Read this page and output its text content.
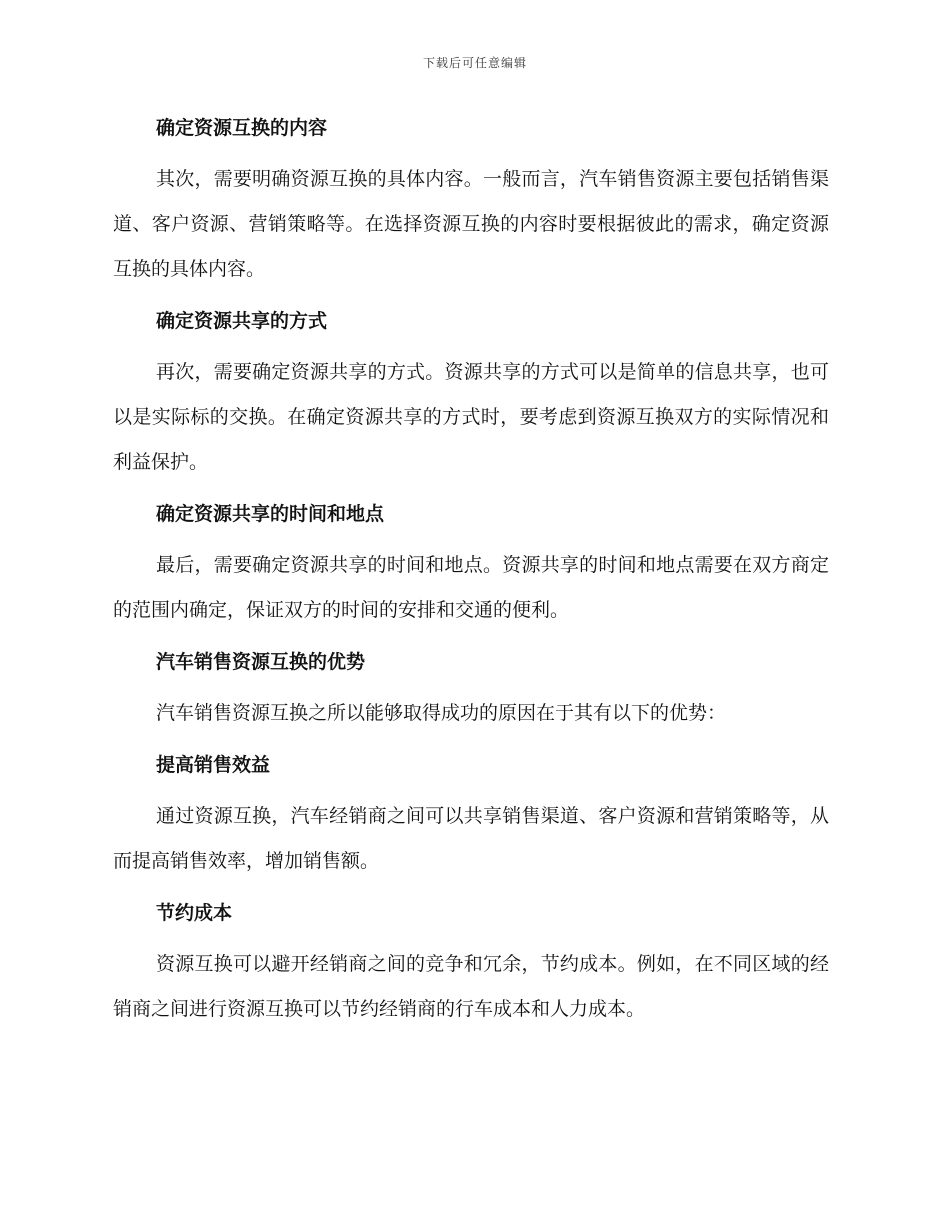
下载后可任意编辑
确定资源互换的内容

其次，需要明确资源互换的具体内容。一般而言，汽车销售资源主要包括销售渠道、客户资源、营销策略等。在选择资源互换的内容时要根据彼此的需求，确定资源互换的具体内容。

确定资源共享的方式

再次，需要确定资源共享的方式。资源共享的方式可以是简单的信息共享，也可以是实际标的交换。在确定资源共享的方式时，要考虑到资源互换双方的实际情况和利益保护。

确定资源共享的时间和地点

最后，需要确定资源共享的时间和地点。资源共享的时间和地点需要在双方商定的范围内确定，保证双方的时间的安排和交通的便利。

汽车销售资源互换的优势

汽车销售资源互换之所以能够取得成功的原因在于其有以下的优势：

提高销售效益

通过资源互换，汽车经销商之间可以共享销售渠道、客户资源和营销策略等，从而提高销售效率，增加销售额。

节约成本

资源互换可以避开经销商之间的竞争和冗余，节约成本。例如，在不同区域的经销商之间进行资源互换可以节约经销商的行车成本和人力成本。
